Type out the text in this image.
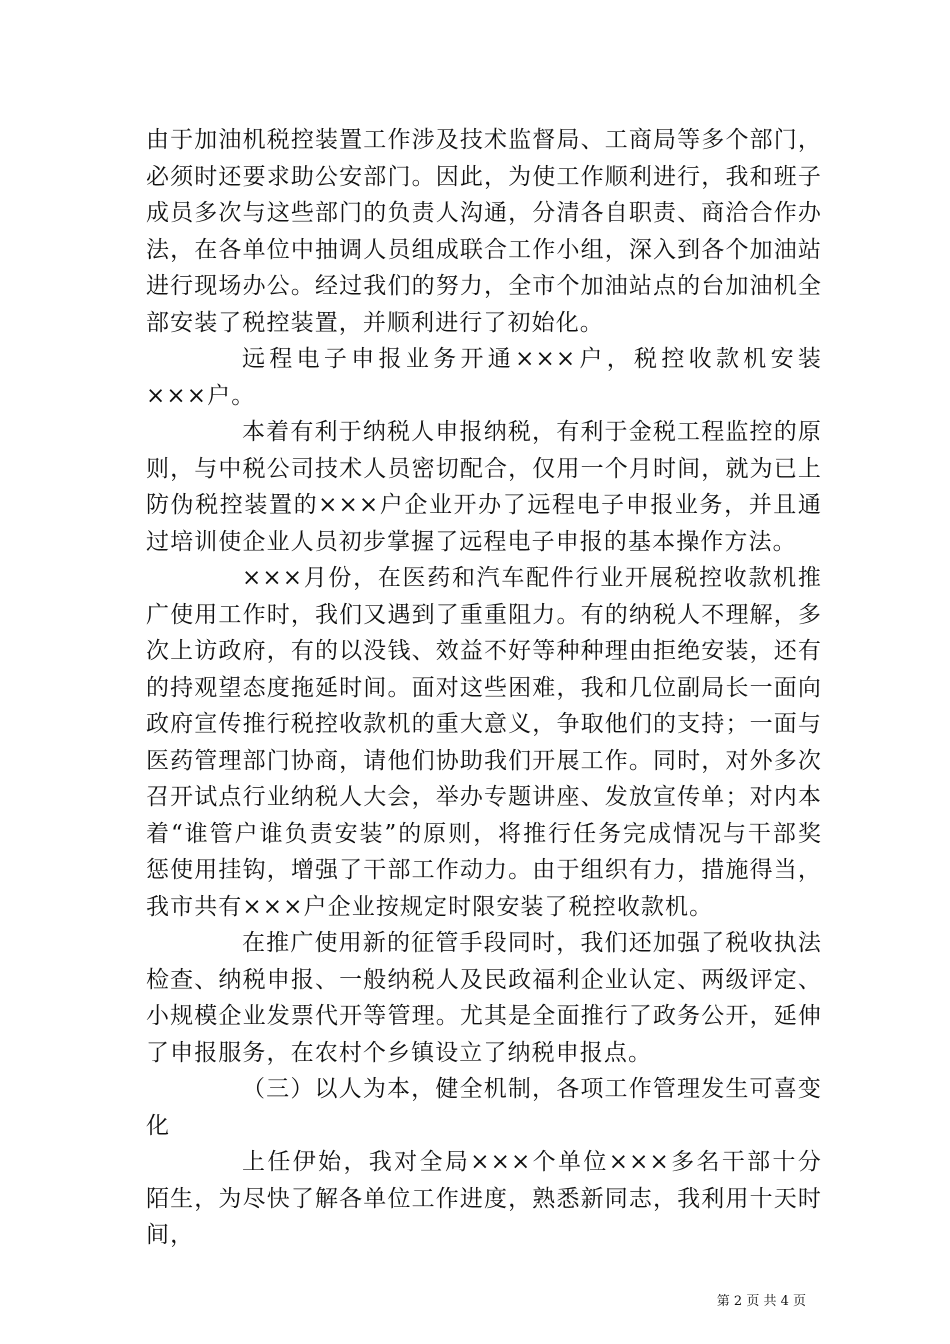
由于加油机税控装置工作涉及技术监督局、工商局等多个部门，必须时还要求助公安部门。因此，为使工作顺利进行，我和班子成员多次与这些部门的负责人沟通，分清各自职责、商洽合作办法，在各单位中抽调人员组成联合工作小组，深入到各个加油站进行现场办公。经过我们的努力，全市个加油站点的台加油机全部安装了税控装置，并顺利进行了初始化。

远程电子申报业务开通×××户，税控收款机安装×××户。

本着有利于纳税人申报纳税，有利于金税工程监控的原则，与中税公司技术人员密切配合，仅用一个月时间，就为已上防伪税控装置的×××户企业开办了远程电子申报业务，并且通过培训使企业人员初步掌握了远程电子申报的基本操作方法。

×××月份，在医药和汽车配件行业开展税控收款机推广使用工作时，我们又遇到了重重阻力。有的纳税人不理解，多次上访政府，有的以没钱、效益不好等种种理由拒绝安装，还有的持观望态度拖延时间。面对这些困难，我和几位副局长一面向政府宣传推行税控收款机的重大意义，争取他们的支持；一面与医药管理部门协商，请他们协助我们开展工作。同时，对外多次召开试点行业纳税人大会，举办专题讲座、发放宣传单；对内本着“谁管户谁负责安装”的原则，将推行任务完成情况与干部奖惩使用挂钩，增强了干部工作动力。由于组织有力，措施得当，我市共有×××户企业按规定时限安装了税控收款机。

在推广使用新的征管手段同时，我们还加强了税收执法检查、纳税申报、一般纳税人及民政福利企业认定、两级评定、小规模企业发票代开等管理。尤其是全面推行了政务公开，延伸了申报服务，在农村个乡镇设立了纳税申报点。

（三）以人为本，健全机制，各项工作管理发生可喜变化

上任伊始，我对全局×××个单位×××多名干部十分陌生，为尽快了解各单位工作进度，熟悉新同志，我利用十天时间，

第 2 页 共 4 页
